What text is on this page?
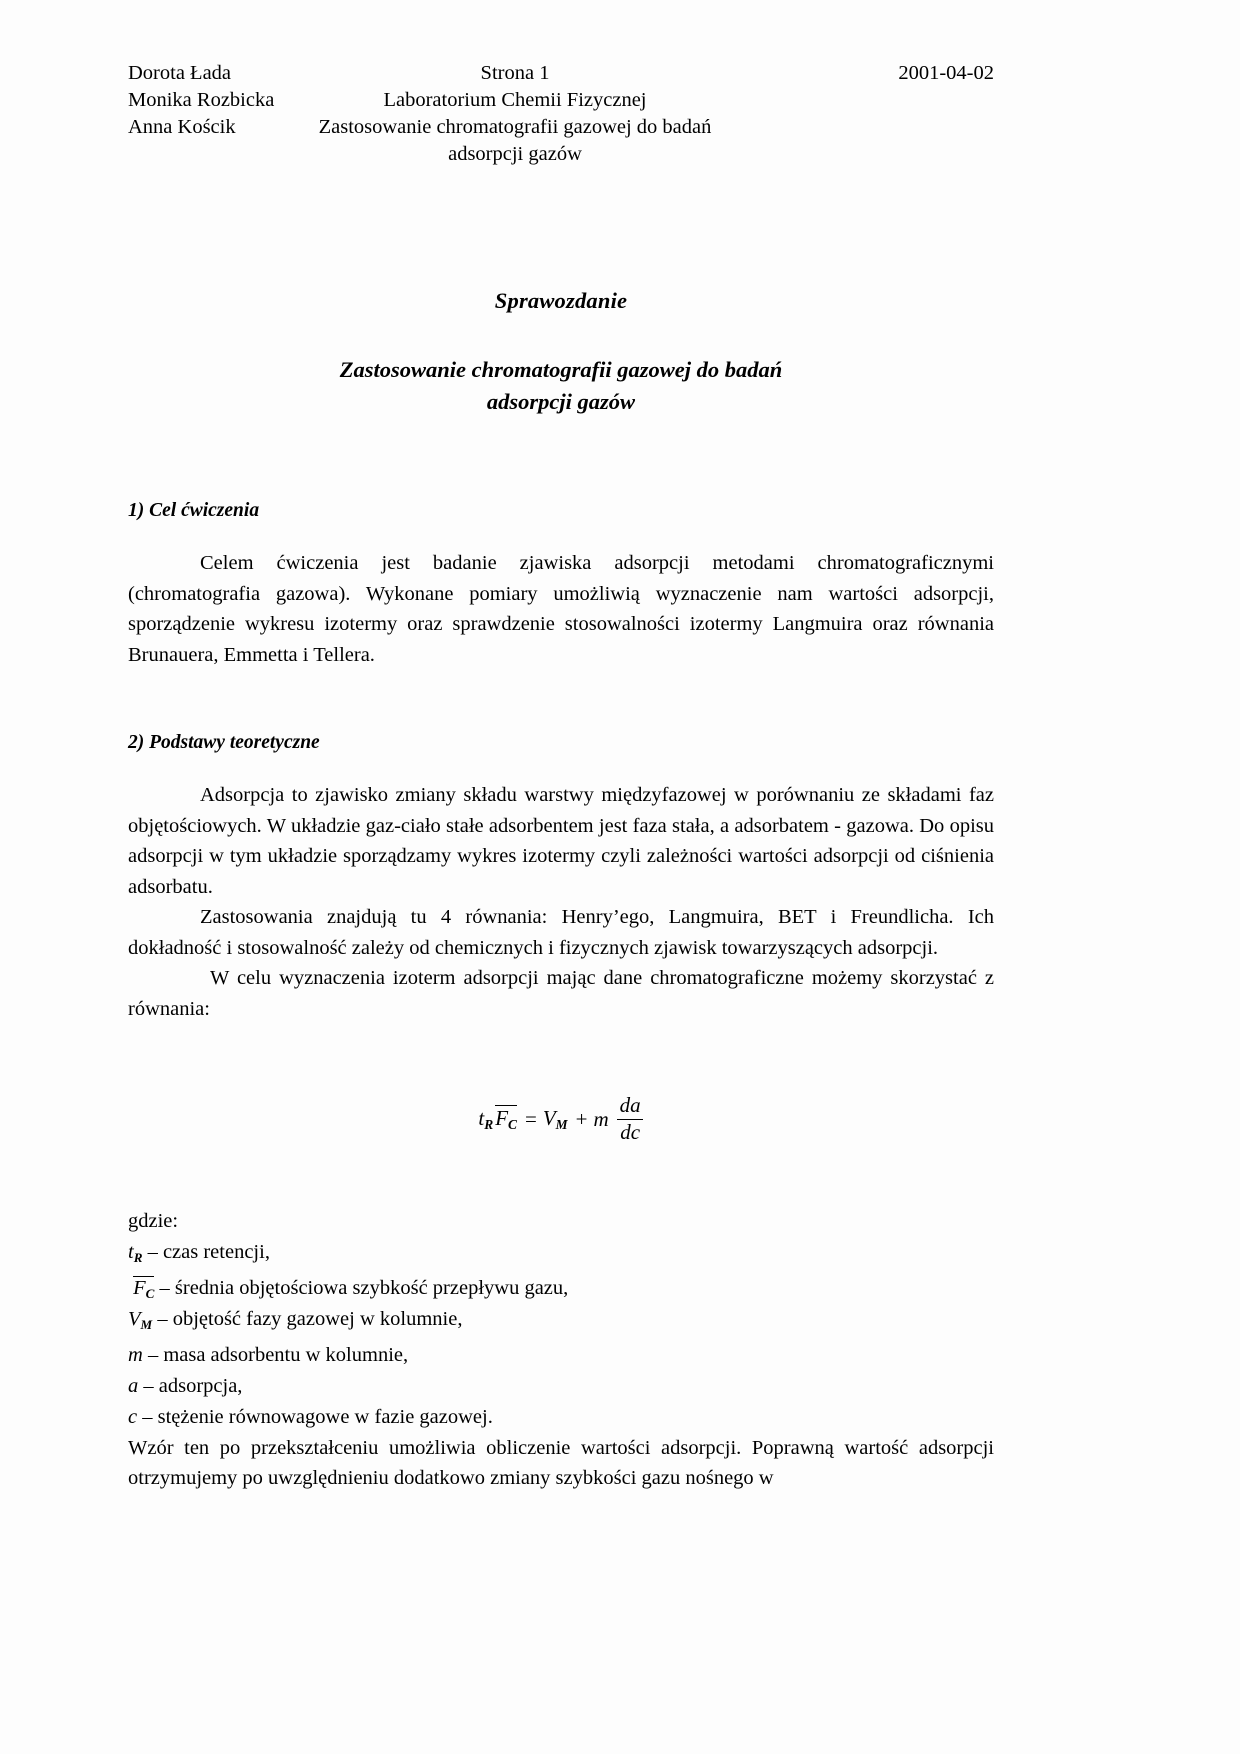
Dorota Łada	Strona 1	2001-04-02
Monika Rozbicka	Laboratorium Chemii Fizycznej
Anna Kościk	Zastosowanie chromatografii gazowej do badań
adsorpcji gazów
Sprawozdanie
Zastosowanie chromatografii gazowej do badań
adsorpcji gazów
1) Cel ćwiczenia

Celem ćwiczenia jest badanie zjawiska adsorpcji metodami chromatograficznymi (chromatografia gazowa). Wykonane pomiary umożliwią wyznaczenie nam wartości adsorpcji, sporządzenie wykresu izotermy oraz sprawdzenie stosowalności izotermy Langmuira oraz równania Brunauera, Emmetta i Tellera.

2) Podstawy teoretyczne

Adsorpcja to zjawisko zmiany składu warstwy międzyfazowej w porównaniu ze składami faz objętościowych. W układzie gaz-ciało stałe adsorbentem jest faza stała, a adsorbatem - gazowa. Do opisu adsorpcji w tym układzie sporządzamy wykres izotermy czyli zależności wartości adsorpcji od ciśnienia adsorbatu.

Zastosowania znajdują tu 4 równania: Henry’ego, Langmuira, BET i Freundlicha. Ich dokładność i stosowalność zależy od chemicznych i fizycznych zjawisk towarzyszących adsorpcji.

W celu wyznaczenia izoterm adsorpcji mając dane chromatograficzne możemy skorzystać z równania:

tR FC = VM + m $\frac{da}{dc}$
gdzie:
tR – czas retencji,
FC – średnia objętościowa szybkość przepływu gazu,
VM – objętość fazy gazowej w kolumnie,
m – masa adsorbentu w kolumnie,
a – adsorpcja,
c – stężenie równowagowe w fazie gazowej.

Wzór ten po przekształceniu umożliwia obliczenie wartości adsorpcji. Poprawną wartość adsorpcji otrzymujemy po uwzględnieniu dodatkowo zmiany szybkości gazu nośnego w
